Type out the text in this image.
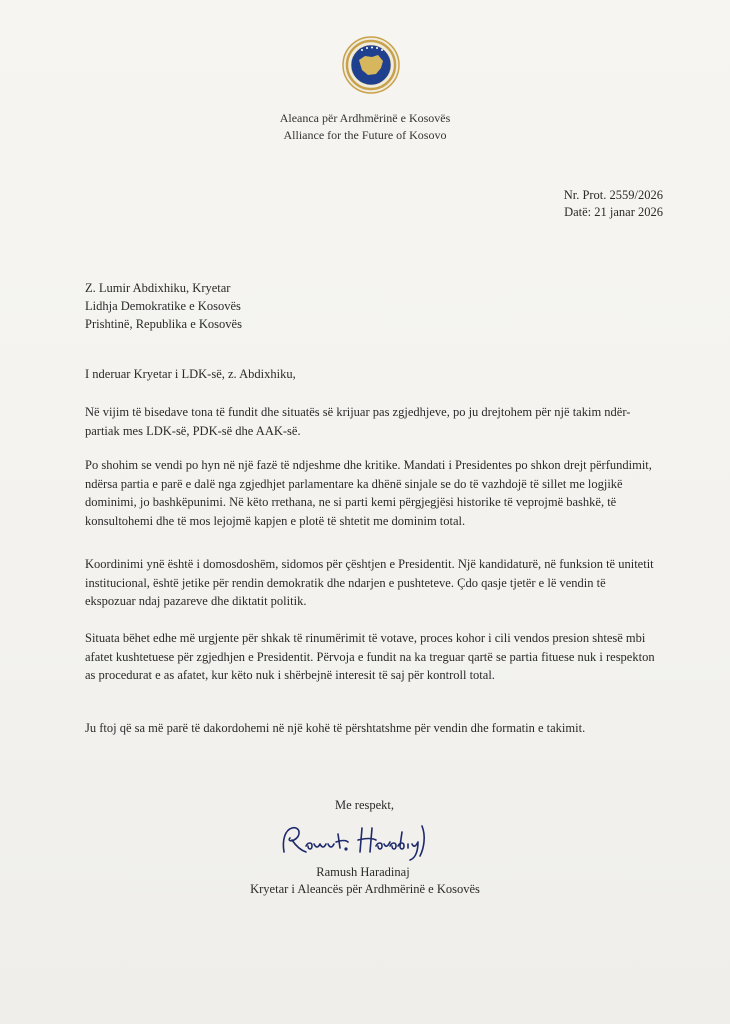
Aleanca për Ardhmërinë e Kosovës
Alliance for the Future of Kosovo
Nr. Prot. 2559/2026
Datë: 21 janar 2026
Z. Lumir Abdixhiku, Kryetar
Lidhja Demokratike e Kosovës
Prishtinë, Republika e Kosovës
I nderuar Kryetar i LDK-së, z. Abdixhiku,
Në vijim të bisedave tona të fundit dhe situatës së krijuar pas zgjedhjeve, po ju drejtohem për një takim ndër-partiak mes LDK-së, PDK-së dhe AAK-së.
Po shohim se vendi po hyn në një fazë të ndjeshme dhe kritike. Mandati i Presidentes po shkon drejt përfundimit, ndërsa partia e parë e dalë nga zgjedhjet parlamentare ka dhënë sinjale se do të vazhdojë të sillet me logjikë dominimi, jo bashkëpunimi. Në këto rrethana, ne si parti kemi përgjegjësi historike të veprojmë bashkë, të konsultohemi dhe të mos lejojmë kapjen e plotë të shtetit me dominim total.
Koordinimi ynë është i domosdoshëm, sidomos për çështjen e Presidentit. Një kandidaturë, në funksion të unitetit institucional, është jetike për rendin demokratik dhe ndarjen e pushteteve. Çdo qasje tjetër e lë vendin të ekspozuar ndaj pazareve dhe diktatit politik.
Situata bëhet edhe më urgjente për shkak të rinumërimit të votave, proces kohor i cili vendos presion shtesë mbi afatet kushtetuese për zgjedhjen e Presidentit. Përvoja e fundit na ka treguar qartë se partia fituese nuk i respekton as procedurat e as afatet, kur këto nuk i shërbejnë interesit të saj për kontroll total.
Ju ftoj që sa më parë të dakordohemi në një kohë të përshtatshme për vendin dhe formatin e takimit.
Me respekt,
Ramush Haradinaj
Ramush Haradinaj
Kryetar i Aleancës për Ardhmërinë e Kosovës
